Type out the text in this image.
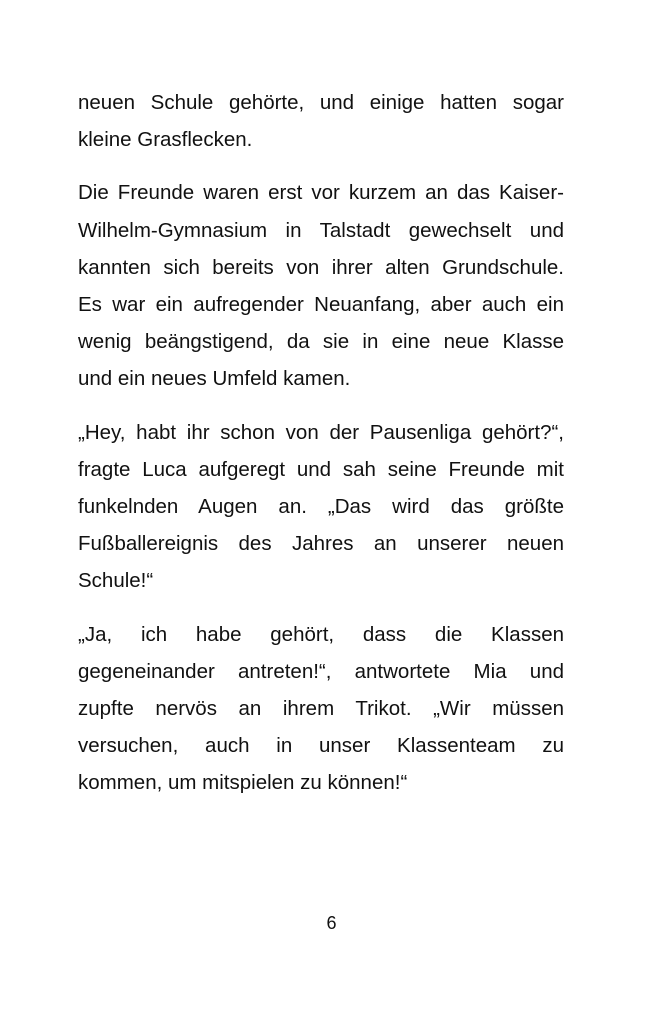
neuen Schule gehörte, und einige hatten sogar
kleine Grasflecken.

Die Freunde waren erst vor kurzem an das Kaiser-
Wilhelm-Gymnasium in Talstadt gewechselt und
kannten sich bereits von ihrer alten Grundschule.
Es war ein aufregender Neuanfang, aber auch ein
wenig beängstigend, da sie in eine neue Klasse
und ein neues Umfeld kamen.

„Hey, habt ihr schon von der Pausenliga gehört?“,
fragte Luca aufgeregt und sah seine Freunde mit
funkelnden Augen an. „Das wird das größte
Fußballereignis des Jahres an unserer neuen
Schule!“

„Ja, ich habe gehört, dass die Klassen
gegeneinander antreten!“, antwortete Mia und
zupfte nervös an ihrem Trikot. „Wir müssen
versuchen, auch in unser Klassenteam zu
kommen, um mitspielen zu können!“

6
